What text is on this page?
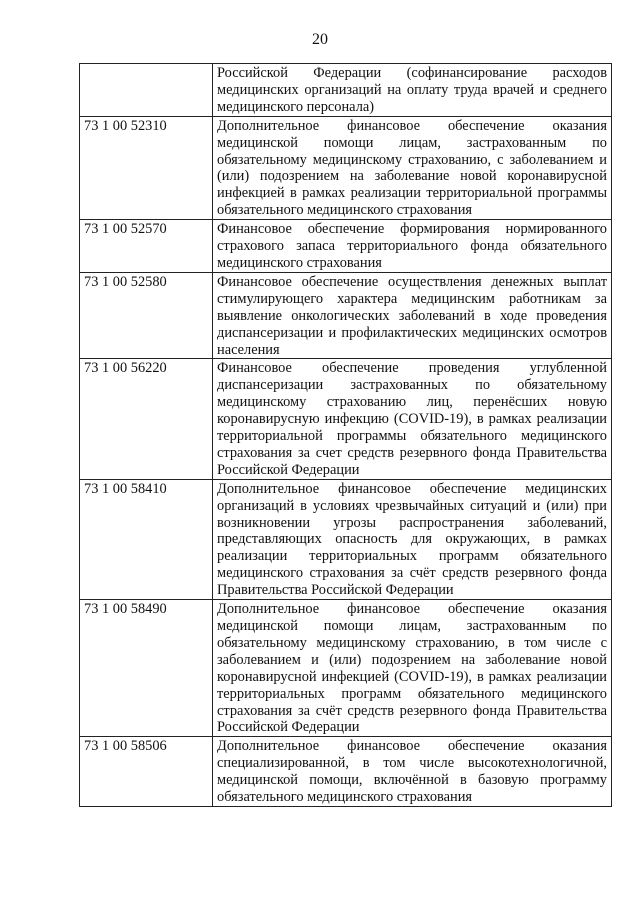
20
	Российской Федерации (софинансирование расходов медицинских организаций на оплату труда врачей и среднего медицинского персонала)
73 1 00 52310	Дополнительное финансовое обеспечение оказания медицинской помощи лицам, застрахованным по обязательному медицинскому страхованию, с заболеванием и (или) подозрением на заболевание новой коронавирусной инфекцией в рамках реализации территориальной программы обязательного медицинского страхования
73 1 00 52570	Финансовое обеспечение формирования нормированного страхового запаса территориального фонда обязательного медицинского страхования
73 1 00 52580	Финансовое обеспечение осуществления денежных выплат стимулирующего характера медицинским работникам за выявление онкологических заболеваний в ходе проведения диспансеризации и профилактических медицинских осмотров населения
73 1 00 56220	Финансовое обеспечение проведения углубленной диспансеризации застрахованных по обязательному медицинскому страхованию лиц, перенёсших новую коронавирусную инфекцию (COVID-19), в рамках реализации территориальной программы обязательного медицинского страхования за счет средств резервного фонда Правительства Российской Федерации
73 1 00 58410	Дополнительное финансовое обеспечение медицинских организаций в условиях чрезвычайных ситуаций и (или) при возникновении угрозы распространения заболеваний, представляющих опасность для окружающих, в рамках реализации территориальных программ обязательного медицинского страхования за счёт средств резервного фонда Правительства Российской Федерации
73 1 00 58490	Дополнительное финансовое обеспечение оказания медицинской помощи лицам, застрахованным по обязательному медицинскому страхованию, в том числе с заболеванием и (или) подозрением на заболевание новой коронавирусной инфекцией (COVID-19), в рамках реализации территориальных программ обязательного медицинского страхования за счёт средств резервного фонда Правительства Российской Федерации
73 1 00 58506	Дополнительное финансовое обеспечение оказания специализированной, в том числе высокотехнологичной, медицинской помощи, включённой в базовую программу обязательного медицинского страхования
